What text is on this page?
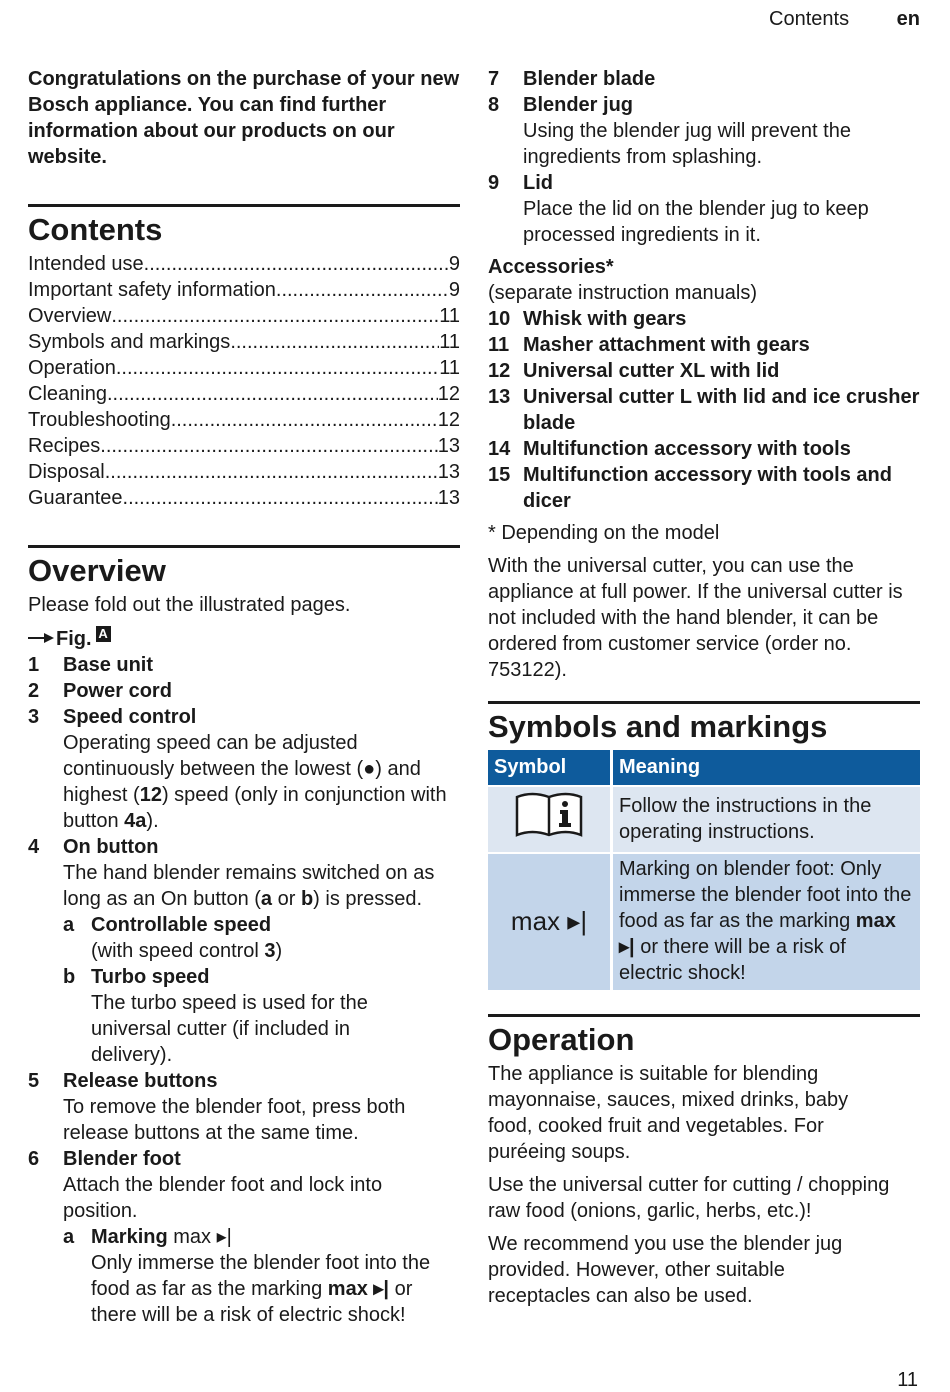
Contents en

Congratulations on the purchase of your new Bosch appliance. You can find further information about our products on our website.

Contents
Intended use .....	9
Important safety information .....	9
Overview .....	11
Symbols and markings .....	11
Operation .....	11
Cleaning .....	12
Troubleshooting .....	12
Recipes .....	13
Disposal .....	13
Guarantee .....	13
Overview

Please fold out the illustrated pages.

Fig. A
1	Base unit
2	Power cord
3	Speed control
Operating speed can be adjusted continuously between the lowest (●) and highest (12) speed (only in conjunction with button 4a).
4	On button
The hand blender remains switched on as long as an On button (a or b) is pressed.
a Controllable speed
(with speed control 3)
b Turbo speed
The turbo speed is used for the universal cutter (if included in delivery).
5	Release buttons
To remove the blender foot, press both release buttons at the same time.
6	Blender foot
Attach the blender foot and lock into position.
a Marking max ▸|
Only immerse the blender foot into the food as far as the marking max ▸| or there will be a risk of electric shock!
7	Blender blade
8	Blender jug
Using the blender jug will prevent the ingredients from splashing.
9	Lid
Place the lid on the blender jug to keep processed ingredients in it.

Accessories*

(separate instruction manuals)

10 Whisk with gears
11 Masher attachment with gears
12 Universal cutter XL with lid
13 Universal cutter L with lid and ice crusher blade
14 Multifunction accessory with tools
15 Multifunction accessory with tools and dicer

* Depending on the model

With the universal cutter, you can use the appliance at full power. If the universal cutter is not included with the hand blender, it can be ordered from customer service (order no. 753122).

Symbols and markings
Symbol	Meaning
	Follow the instructions in the operating instructions.
max ▸|	Marking on blender foot: Only immerse the blender foot into the food as far as the marking max ▸| or there will be a risk of electric shock!
Operation

The appliance is suitable for blending mayonnaise, sauces, mixed drinks, baby food, cooked fruit and vegetables. For puréeing soups.

Use the universal cutter for cutting / chopping raw food (onions, garlic, herbs, etc.)!

We recommend you use the blender jug provided. However, other suitable receptacles can also be used.

11
